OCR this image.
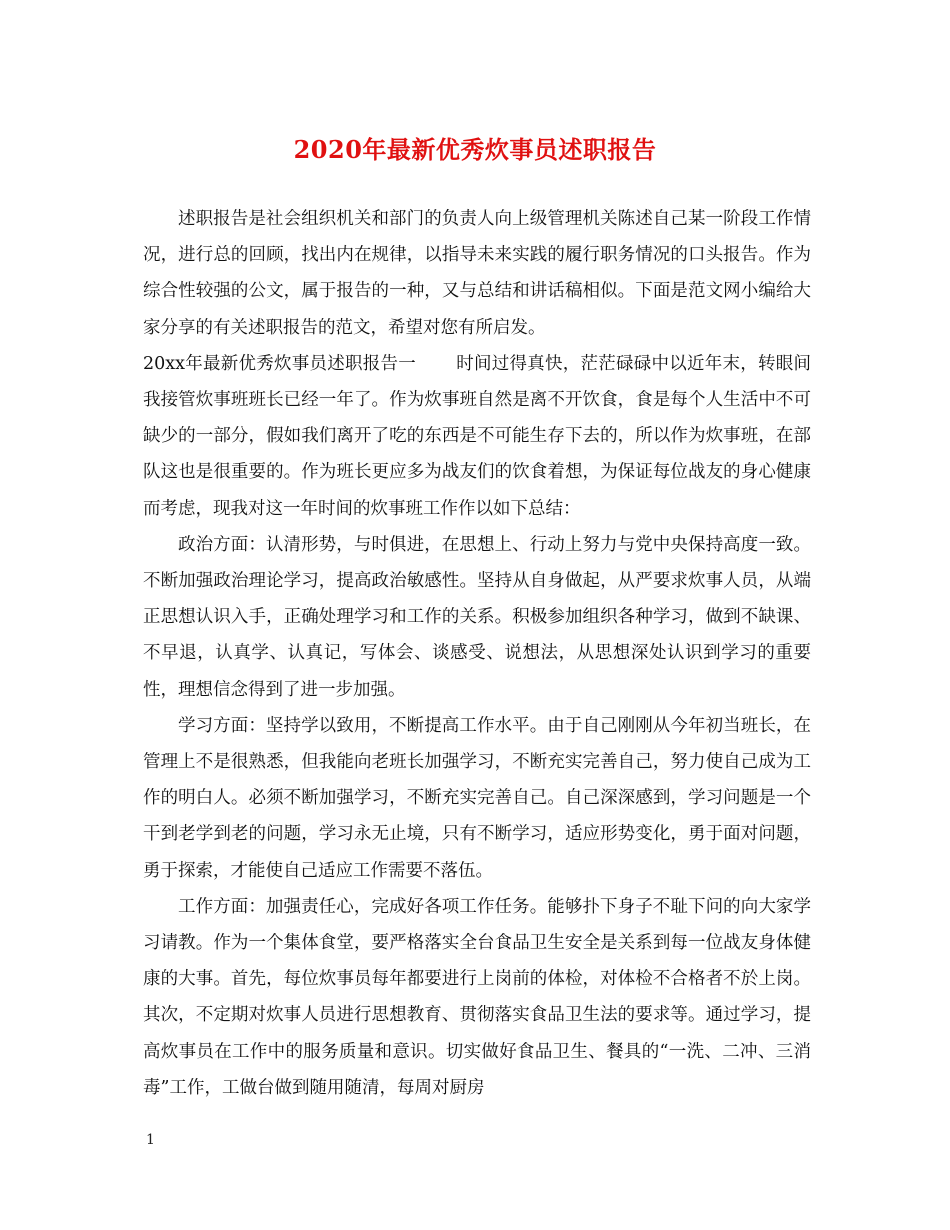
2020年最新优秀炊事员述职报告

述职报告是社会组织机关和部门的负责人向上级管理机关陈述自己某一阶段工作情况，进行总的回顾，找出内在规律，以指导未来实践的履行职务情况的口头报告。作为综合性较强的公文，属于报告的一种，又与总结和讲话稿相似。下面是范文网小编给大家分享的有关述职报告的范文，希望对您有所启发。

20xx年最新优秀炊事员述职报告一 时间过得真快，茫茫碌碌中以近年末，转眼间我接管炊事班班长已经一年了。作为炊事班自然是离不开饮食，食是每个人生活中不可缺少的一部分，假如我们离开了吃的东西是不可能生存下去的，所以作为炊事班，在部队这也是很重要的。作为班长更应多为战友们的饮食着想，为保证每位战友的身心健康而考虑，现我对这一年时间的炊事班工作作以如下总结：

政治方面：认清形势，与时俱进，在思想上、行动上努力与党中央保持高度一致。不断加强政治理论学习，提高政治敏感性。坚持从自身做起，从严要求炊事人员，从端正思想认识入手，正确处理学习和工作的关系。积极参加组织各种学习，做到不缺课、不早退，认真学、认真记，写体会、谈感受、说想法，从思想深处认识到学习的重要性，理想信念得到了进一步加强。

学习方面：坚持学以致用，不断提高工作水平。由于自己刚刚从今年初当班长，在管理上不是很熟悉，但我能向老班长加强学习，不断充实完善自己，努力使自己成为工作的明白人。必须不断加强学习，不断充实完善自己。自己深深感到，学习问题是一个干到老学到老的问题，学习永无止境，只有不断学习，适应形势变化，勇于面对问题，勇于探索，才能使自己适应工作需要不落伍。

工作方面：加强责任心，完成好各项工作任务。能够扑下身子不耻下问的向大家学习请教。作为一个集体食堂，要严格落实全台食品卫生安全是关系到每一位战友身体健康的大事。首先，每位炊事员每年都要进行上岗前的体检，对体检不合格者不於上岗。其次，不定期对炊事人员进行思想教育、贯彻落实食品卫生法的要求等。通过学习，提高炊事员在工作中的服务质量和意识。切实做好食品卫生、餐具的“一洗、二冲、三消毒”工作，工做台做到随用随清，每周对厨房

1
